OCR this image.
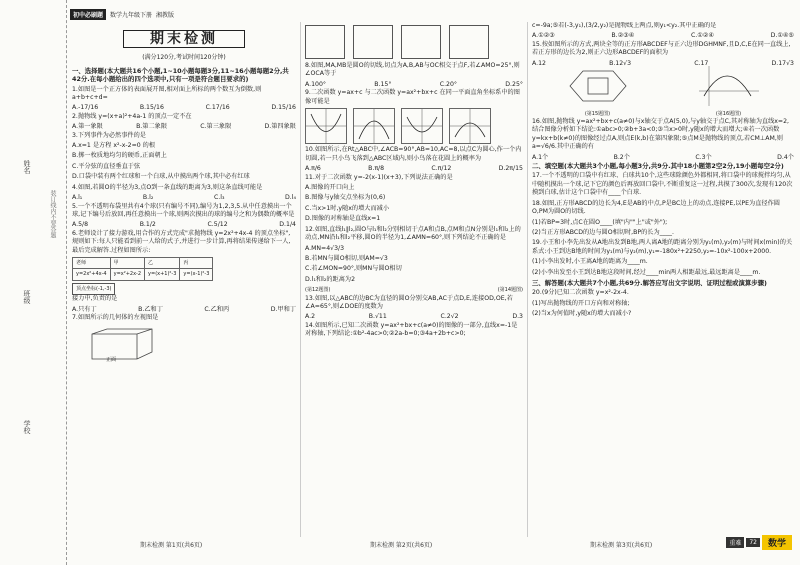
姓名
班级
学校
装订线内不要答题
初中必刷题	数学九年级下册 湘教版
期末检测
(满分120分,考试时间120分钟)

一、选择题(本大题共16个小题,1~10小题每题3分,11~16小题每题2分,共42分.在每小题给出的四个选项中,只有一项是符合题目要求的)

1.如图是一个正方体的表面展开图,相对面上所标的两个数互为倒数,则a+b+c+d=

A.-17/16	B.15/16	C.17/16	D.15/16

2.抛物线 y=(x+a)²+4a-1 的顶点一定不在

A.第一象限	B.第二象限	C.第三象限	D.第四象限

3.下列事件为必然事件的是

A.x=1 是方程 x²-x-2=0 的根

B.掷一枚质地均匀的硬币,正面朝上

C.平分弦的直径垂直于弦

D.口袋中装有两个红球和一个白球,从中摸出两个球,其中必有红球

4.如图,若圆O的半径为3,点O到一条直线的距离为3,则这条直线可能是

A.l₁	B.l₂	C.l₃	D.l₄

5.一个不透明布袋里共有4个球(只有编号不同),编号为1,2,3,5.从中任意摸出一个球,记下编号后放回,再任意摸出一个球,则两次摸出的球的编号之和为偶数的概率是

A.5/8	B.1/2	C.5/12	D.1/4

6.老师设计了接力游戏,用合作的方式完成"求抛物线 y=2x²+4x-4 的顶点坐标",规则如下:每人只能看到前一人给的式子,并进行一步计算,再将结果传递给下一人,最后完成解答.过程如图所示:

老师	甲	乙	丙
y=2x²+4x-4	y=x²+2x-2	y=(x+1)²-3	y=(x-1)²-3
顶点坐标(-1,-3)

接力中,负责的是

A.只有丁	B.乙和丁	C.乙和丙	D.甲和丁

7.如图所示的几何体的左视图是

正面

8.如图,MA,MB是圆O的切线,切点为A,B,AB与OC相交于点F,若∠AMO=25°,则∠OCA等于

A.100°	B.15°	C.20°	D.25°

9.二次函数 y=ax+c 与二次函数 y=ax²+bx+c 在同一平面直角坐标系中的图像可能是

10.如图所示,在Rt△ABC中,∠ACB=90°,AB=10,AC=8,以点C为圆心,作一个内切圆,若一只小鸟飞落到△ABC区域内,则小鸟落在花圆上的概率为

A.π/6	B.π/8	C.π/12	D.2π/15

11.对于二次函数 y=-2(x-1)(x+3),下列说法正确的是

A.图像的开口向上

B.图像与y轴交点坐标为(0,6)

C.当x>1时,y随x的增大而减小

D.图像的对称轴是直线x=1

12.如图,直线l₁∥l₂,圆O与l₁和l₂分别相切于点A和点B,点M和点N分别是l₁和l₂上的动点,MN沿l₁和l₂平移,圆O的半径为1,∠AMN=60°,则下列结论不正确的是

A.MN=4√3/3

B.若MN与圆O相切,则AM=√3

C.若∠MON=90°,则MN与圆O相切

D.l₁和l₂的距离为2

(第12题图)	(第14题图)

13.如图,以△ABC的边BC为直径的圆O分别交AB,AC于点D,E,连接OD,OE,若∠A=65°,则∠DOE的度数为

A.2	B.√11	C.2√2	D.3

14.如图所示,已知二次函数 y=ax²+bx+c(a≠0)的图像的一部分,直线x=-1是对称轴,下列结论:①b²-4ac>0;②2a-b=0;③4a+2b+c>0;

c=-9a;⑤若(-3,y₁),(3/2,y₂)是抛物线上两点,则y₁<y₂.其中正确的是

A.①②③	B.②③④	C.①②④	D.①④⑤

15.按如图所示的方式,两块全等的正方形ABCDEF与正六边形DGHMNF,且D,C,E在同一直线上,若正方形的边长为2,则正六边形ABCDEF的面积为

A.12	B.12√3	C.17	D.17√3
(第15题图)	(第16题图)

16.如图,抛物线 y=ax²+bx+c(a≠0)与x轴交于点A(5,0),与y轴交于点C,其对称轴为直线x=2,结合图像分析如下结论:①abc>0;②b+3a<0;③当x>0时,y随x的增大而增大;④若一次函数y=kx+b(k≠0)的图像经过点A,则点E(k,b)在第四象限;⑤点M是抛物线的顶点,若CM⊥AM,则a=√6/6.其中正确的有

A.1个	B.2个	C.3个	D.4个

二、填空题(本大题共3个小题,每小题3分,共9分.其中18小题第2空2分,19小题每空2分)

17.一个不透明的口袋中有红球、白球共10个,这些球除颜色外都相同,将口袋中的球搅拌均匀,从中随机摸出一个球,记下它的颜色后再放回口袋中,不断重复这一过程,共摸了300次,发现有120次摸到白球,估计这个口袋中有____个白球.

18.如图,正方形ABCD的边长为4,E是AB的中点,P是BC边上的动点,连接PE,以PE为直径作圆O,PM为圆O的切线.

(1)若BP=3时,点C在圆O____(填"内""上"或"外");

(2)当正方形ABCD的边与圆O相切时,BP的长为____.

19.小王和小李先出发从A地出发到B地,两人离A地的距离分别为y₁(m),y₂(m)与时间x(min)的关系式:小王到达B地的时间为y₁(m)与y₂(m),y₁=-180x²+2250,y₂=-10x²-100x+2000.

(1)小李出发时,小王离A地的距离为____m.

(2)小李出发至小王到达B地这段时间,经过____min两人相距最远,最远距离是____m.

三、解答题(本大题共7个小题,共69分.解答应写出文字说明、证明过程或演算步骤)

20.(9分)已知二次函数 y=x²-2x-4.

(1)写出抛物线的开口方向和对称轴;

(2)当x为何值时,y随x的增大而减小?

期末检测 第1页(共6页)	期末检测 第2页(共6页)	期末检测 第3页(共6页)	重难	72	数学
